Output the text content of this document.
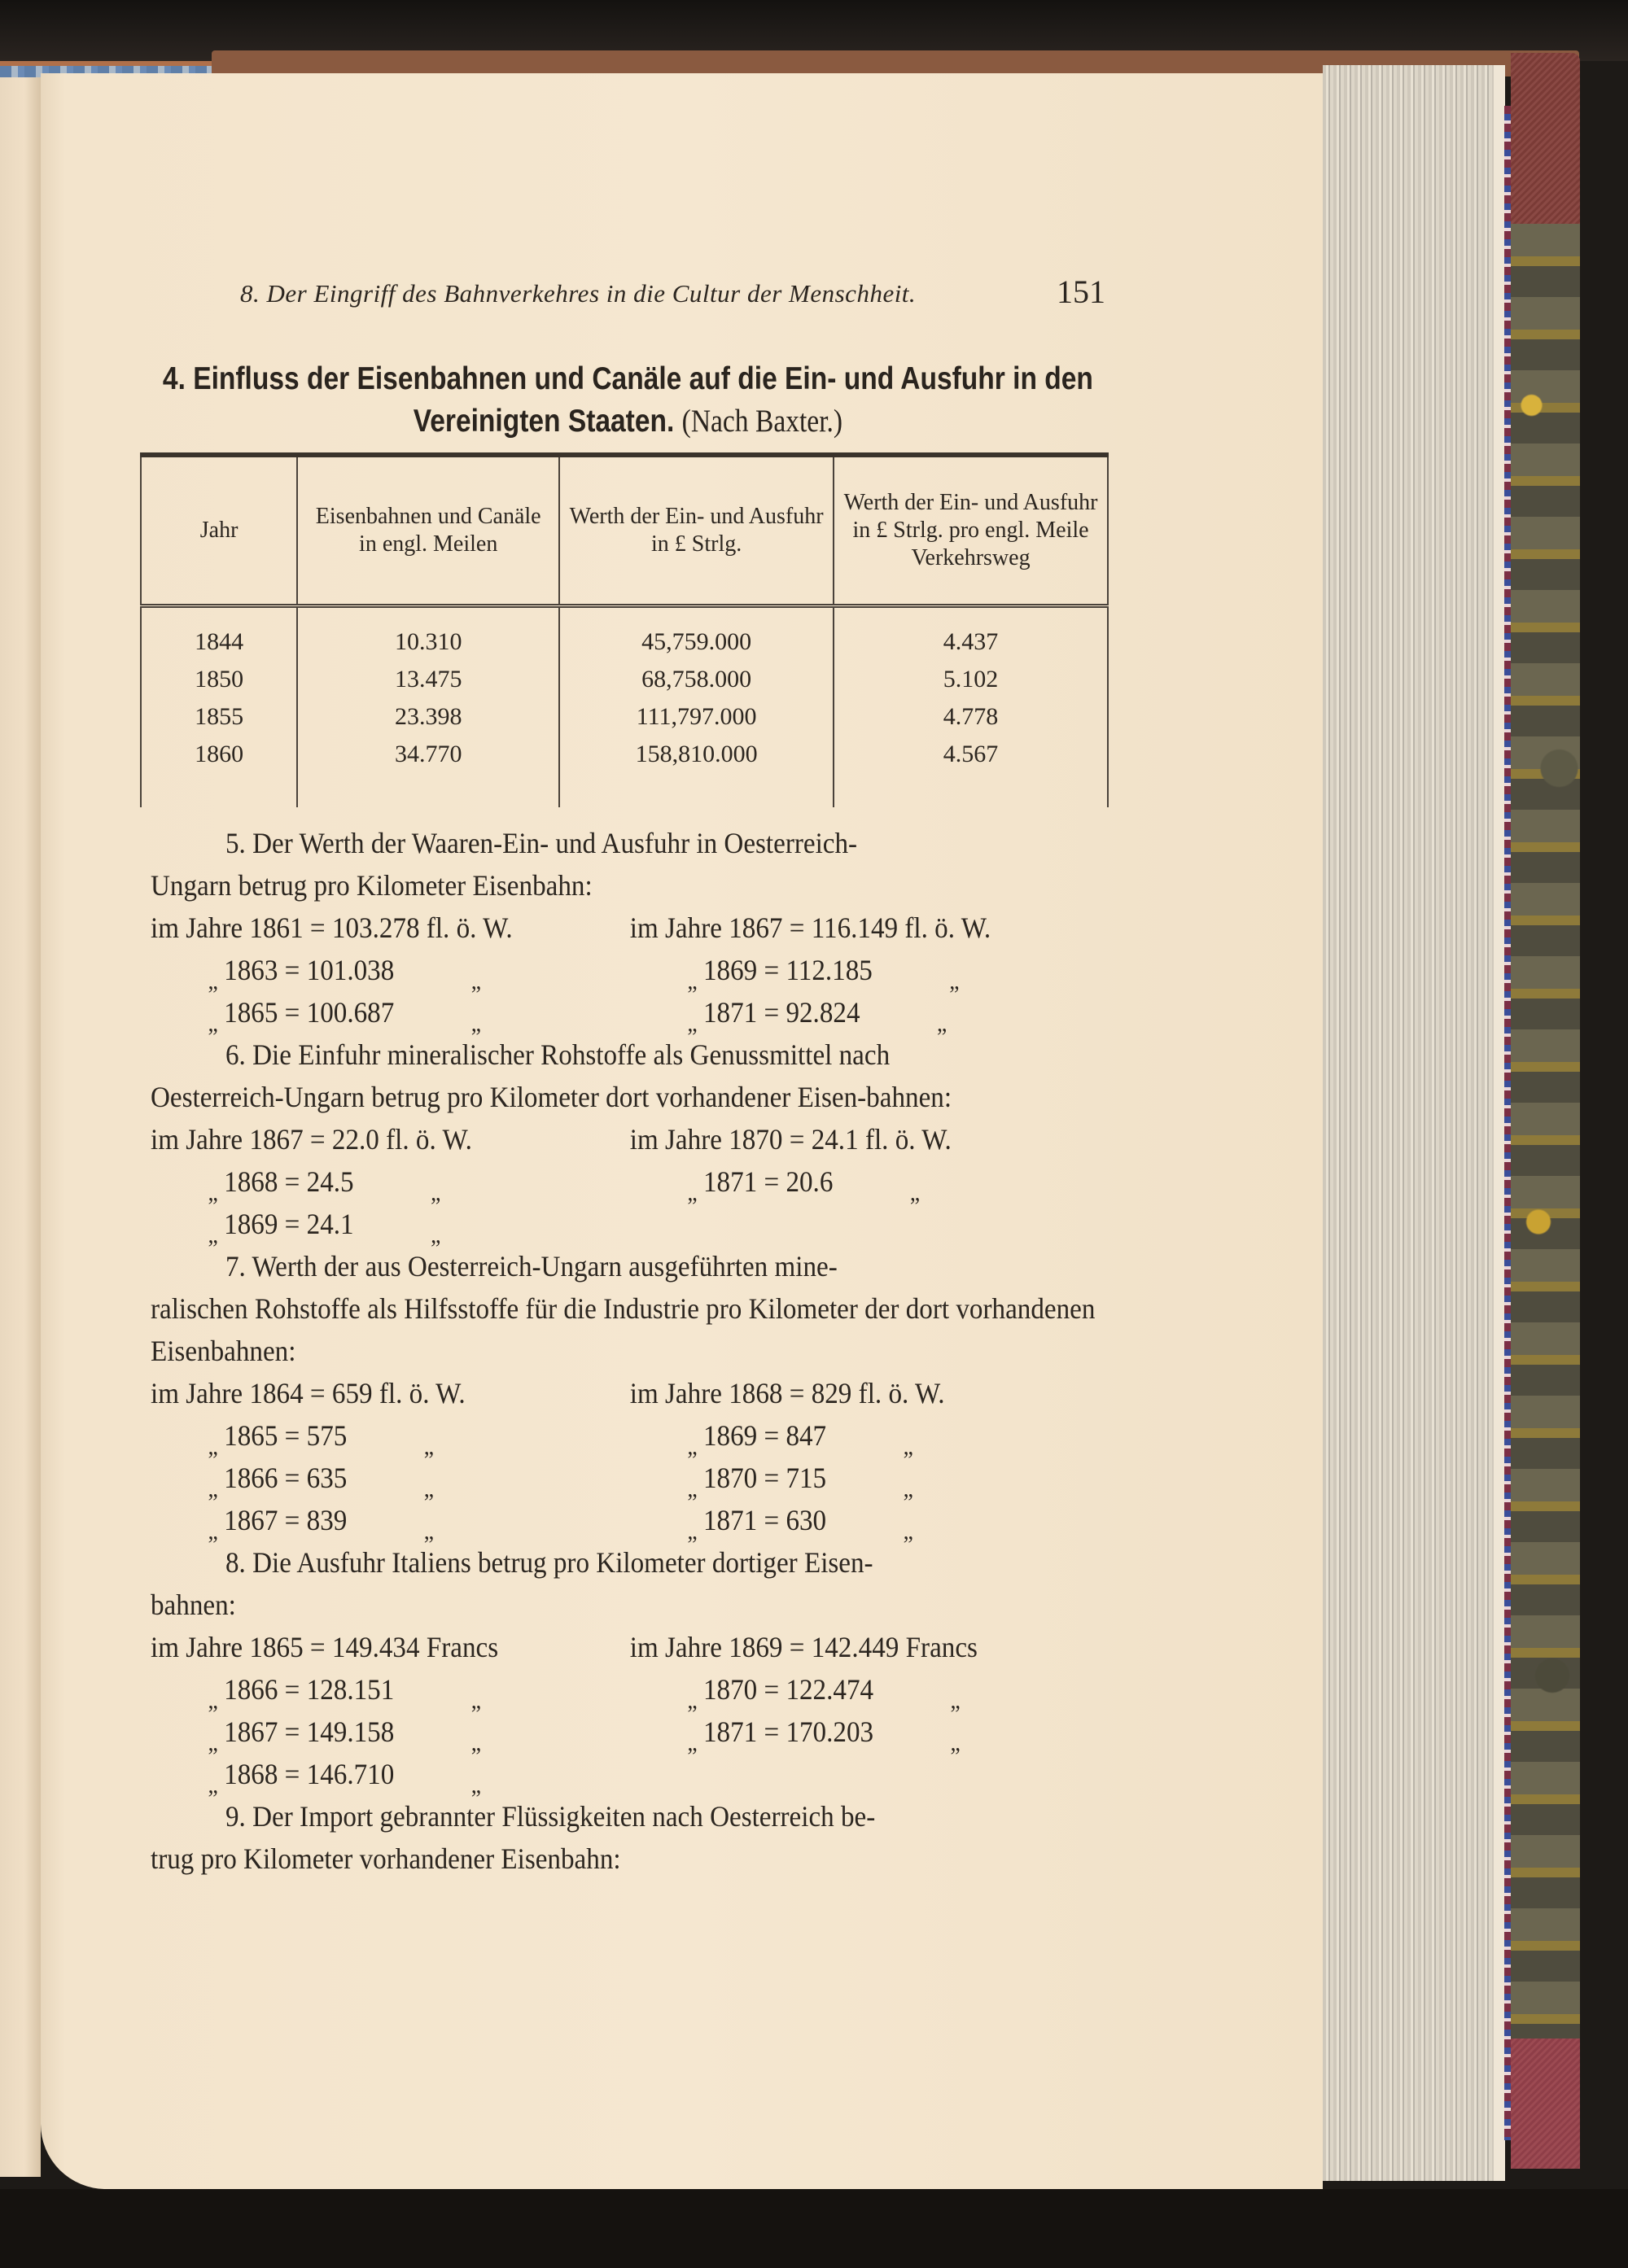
8. Der Eingriff des Bahnverkehres in die Cultur der Menschheit.	151
4. Einfluss der Eisenbahnen und Canäle auf die Ein- und Ausfuhr in den Vereinigten Staaten. (Nach Baxter.)
Jahr	Eisenbahnen und Canäle in engl. Meilen	Werth der Ein- und Ausfuhr in £ Strlg.	Werth der Ein- und Ausfuhr in £ Strlg. pro engl. Meile Verkehrsweg
1844	10.310	45,759.000	4.437
1850	13.475	68,758.000	5.102
1855	23.398	111,797.000	4.778
1860	34.770	158,810.000	4.567

5. Der Werth der Waaren-Ein- und Ausfuhr in Oesterreich-

Ungarn betrug pro Kilometer Eisenbahn:

im Jahre
1861 = 103.278
fl. ö. W.	im Jahre
1867 = 116.149
fl. ö. W.
„ 1863 = 101.038	„	„ 1869 = 112.185	„
„ 1865 = 100.687	„	„ 1871 = 92.824	„

6. Die Einfuhr mineralischer Rohstoffe als Genussmittel nach

Oesterreich-Ungarn betrug pro Kilometer dort vorhandener Eisen-bahnen:

im Jahre
1867 = 22.0
fl. ö. W.	im Jahre
1870 = 24.1
fl. ö. W.
„ 1868 = 24.5	„	„ 1871 = 20.6	„
„ 1869 = 24.1	„

7. Werth der aus Oesterreich-Ungarn ausgeführten mine-

ralischen Rohstoffe als Hilfsstoffe für die Industrie pro Kilometer der dort vorhandenen Eisenbahnen:

im Jahre
1864 = 659
fl. ö. W.	im Jahre
1868 = 829
fl. ö. W.
„ 1865 = 575	„	„ 1869 = 847	„
„ 1866 = 635	„	„ 1870 = 715	„
„ 1867 = 839	„	„ 1871 = 630	„

8. Die Ausfuhr Italiens betrug pro Kilometer dortiger Eisen-

bahnen:

im Jahre
1865 = 149.434
Francs	im Jahre
1869 = 142.449
Francs
„ 1866 = 128.151	„	„ 1870 = 122.474	„
„ 1867 = 149.158	„	„ 1871 = 170.203	„
„ 1868 = 146.710	„

9. Der Import gebrannter Flüssigkeiten nach Oesterreich be-

trug pro Kilometer vorhandener Eisenbahn:
